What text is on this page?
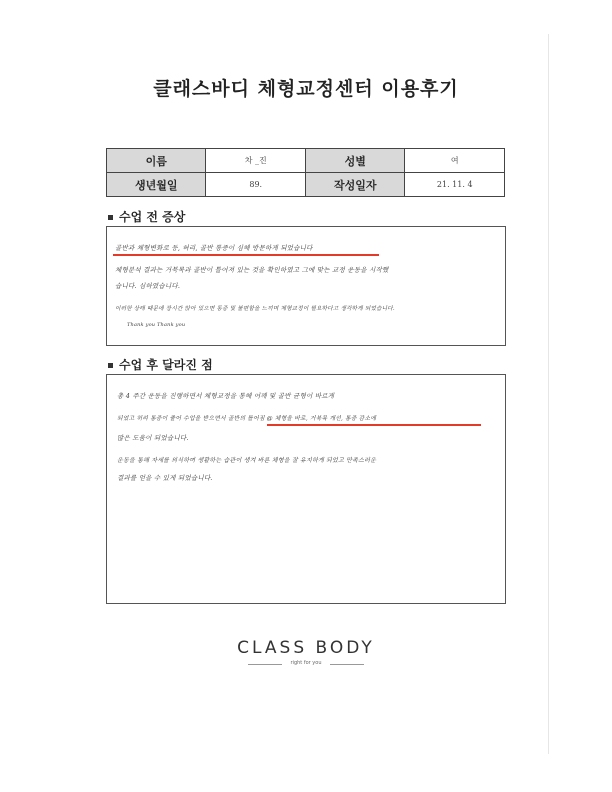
클래스바디 체형교정센터 이용후기
이름	차 _진	성별	여
생년월일	89.	작성일자	21. 11. 4
수업 전 증상
골반과 체형변화로 등, 허리, 골반 통증이 심해 방문하게 되었습니다
체형분석 결과는 거북목과 골반이 틀어져 있는 것을 확인하였고 그에 맞는 교정 운동을 시작했
습니다. 심하였습니다.
이러한 상태 때문에 장시간 앉아 있으면 통증 및 불편함을 느끼며 체형교정이 필요하다고 생각하게 되었습니다.
Thank you Thank you
수업 후 달라진 점
총 4 주간 운동을 진행하면서 체형교정을 통해 어깨 및 골반 균형이 바르게
되었고 허리 통증이 줄어 수업을 받으면서 골반의 틀어짐 @ 체형을 바로, 거북목 개선, 통증 감소에
많은 도움이 되었습니다.
운동을 통해 자세를 의식하며 생활하는 습관이 생겨 바른 체형을 잘 유지하게 되었고 만족스러운
결과를 얻을 수 있게 되었습니다.
CLASS BODY
right for you
